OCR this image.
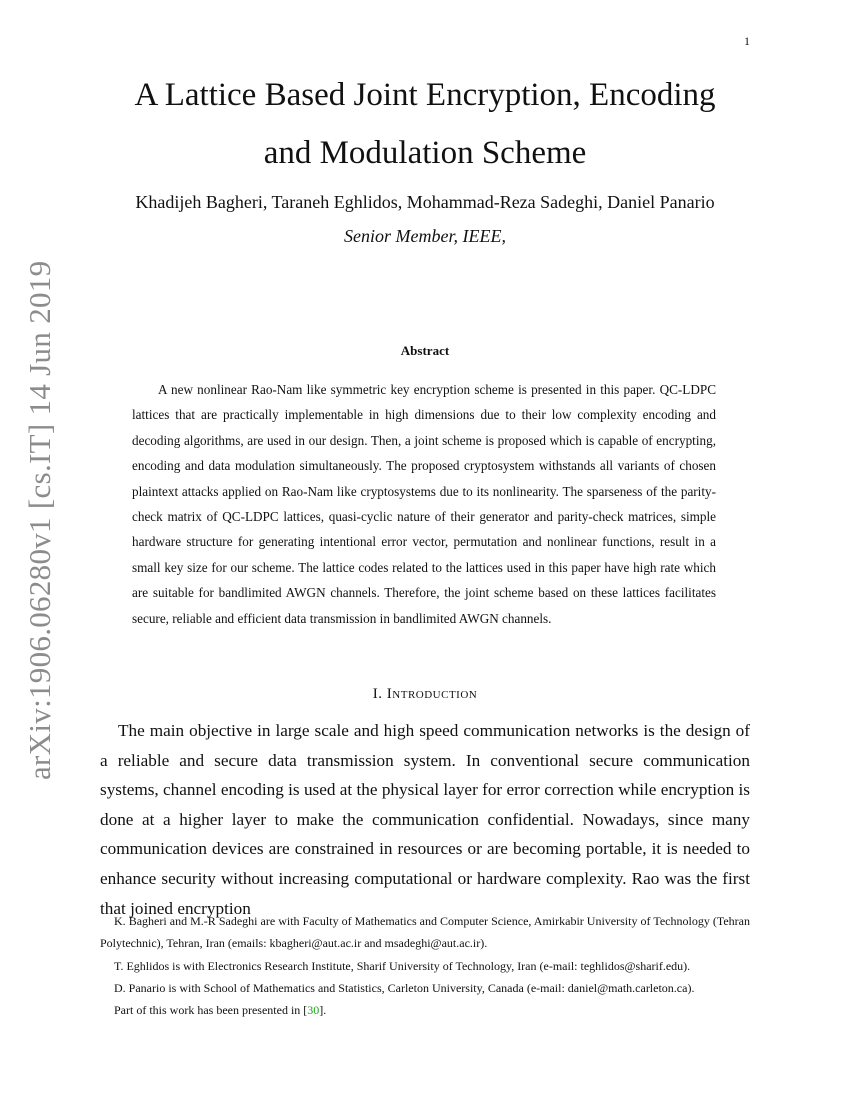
1
arXiv:1906.06280v1 [cs.IT] 14 Jun 2019
A Lattice Based Joint Encryption, Encoding
and Modulation Scheme
Khadijeh Bagheri, Taraneh Eghlidos, Mohammad-Reza Sadeghi, Daniel Panario
Senior Member, IEEE,
Abstract
A new nonlinear Rao-Nam like symmetric key encryption scheme is presented in this paper. QC-LDPC lattices that are practically implementable in high dimensions due to their low complexity encoding and decoding algorithms, are used in our design. Then, a joint scheme is proposed which is capable of encrypting, encoding and data modulation simultaneously. The proposed cryptosystem withstands all variants of chosen plaintext attacks applied on Rao-Nam like cryptosystems due to its nonlinearity. The sparseness of the parity-check matrix of QC-LDPC lattices, quasi-cyclic nature of their generator and parity-check matrices, simple hardware structure for generating intentional error vector, permutation and nonlinear functions, result in a small key size for our scheme. The lattice codes related to the lattices used in this paper have high rate which are suitable for bandlimited AWGN channels. Therefore, the joint scheme based on these lattices facilitates secure, reliable and efficient data transmission in bandlimited AWGN channels.
I. Introduction
The main objective in large scale and high speed communication networks is the design of a reliable and secure data transmission system. In conventional secure communication systems, channel encoding is used at the physical layer for error correction while encryption is done at a higher layer to make the communication confidential. Nowadays, since many communication devices are constrained in resources or are becoming portable, it is needed to enhance security without increasing computational or hardware complexity. Rao was the first that joined encryption
K. Bagheri and M.-R Sadeghi are with Faculty of Mathematics and Computer Science, Amirkabir University of Technology (Tehran Polytechnic), Tehran, Iran (emails: kbagheri@aut.ac.ir and msadeghi@aut.ac.ir).
T. Eghlidos is with Electronics Research Institute, Sharif University of Technology, Iran (e-mail: teghlidos@sharif.edu).
D. Panario is with School of Mathematics and Statistics, Carleton University, Canada (e-mail: daniel@math.carleton.ca).
Part of this work has been presented in [30].
